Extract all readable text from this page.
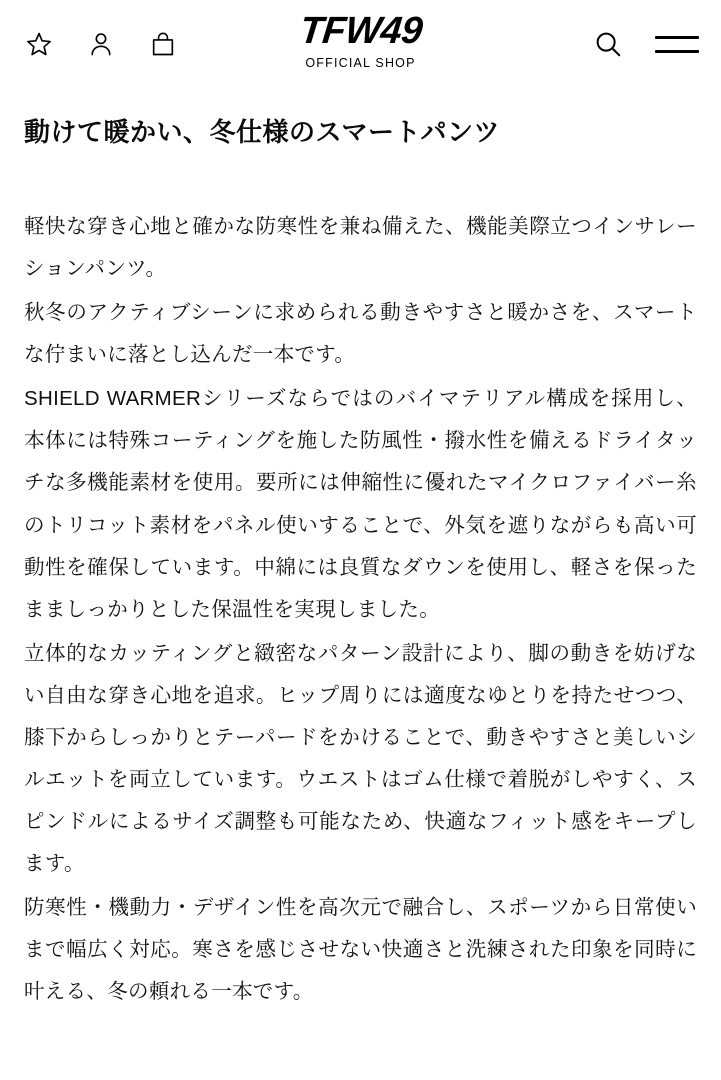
TFW49
OFFICIAL SHOP
動けて暖かい、冬仕様のスマートパンツ

軽快な穿き心地と確かな防寒性を兼ね備えた、機能美際立つインサレーションパンツ。

秋冬のアクティブシーンに求められる動きやすさと暖かさを、スマートな佇まいに落とし込んだ一本です。

SHIELD WARMERシリーズならではのバイマテリアル構成を採用し、本体には特殊コーティングを施した防風性・撥水性を備えるドライタッチな多機能素材を使用。要所には伸縮性に優れたマイクロファイバー糸のトリコット素材をパネル使いすることで、外気を遮りながらも高い可動性を確保しています。中綿には良質なダウンを使用し、軽さを保ったまましっかりとした保温性を実現しました。

立体的なカッティングと緻密なパターン設計により、脚の動きを妨げない自由な穿き心地を追求。ヒップ周りには適度なゆとりを持たせつつ、膝下からしっかりとテーパードをかけることで、動きやすさと美しいシルエットを両立しています。ウエストはゴム仕様で着脱がしやすく、スピンドルによるサイズ調整も可能なため、快適なフィット感をキープします。

防寒性・機動力・デザイン性を高次元で融合し、スポーツから日常使いまで幅広く対応。寒さを感じさせない快適さと洗練された印象を同時に叶える、冬の頼れる一本です。
